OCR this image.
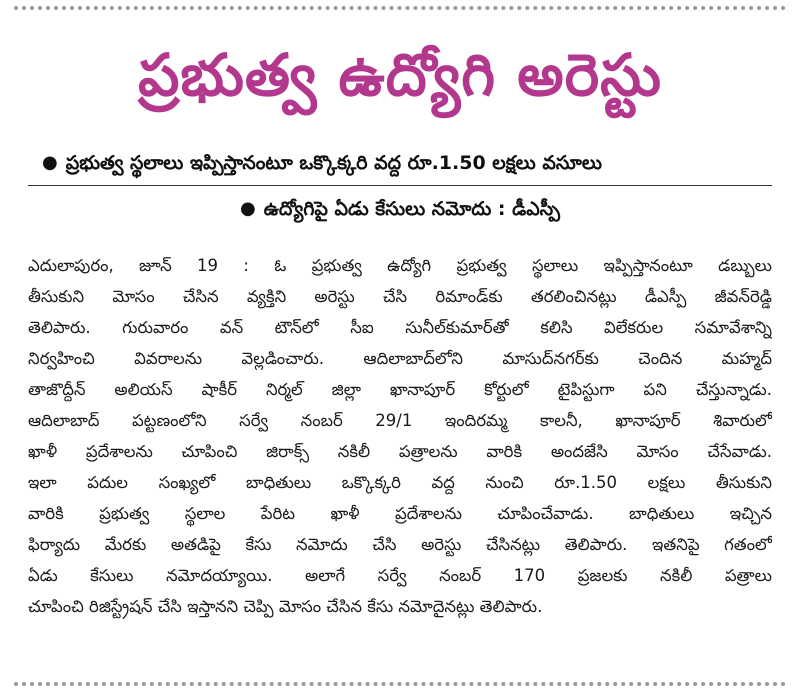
ప్రభుత్వ ఉద్యోగి అరెస్టు
● ప్రభుత్వ స్థలాలు ఇప్పిస్తానంటూ ఒక్కొక్కరి వద్ద రూ.1.50 లక్షలు వసూలు
● ఉద్యోగిపై ఏడు కేసులు నమోదు : డీఎస్పీ
ఎదులాపురం, జూన్ 19 : ఓ ప్రభుత్వ ఉద్యోగి ప్రభుత్వ స్థలాలు ఇప్పిస్తానంటూ డబ్బులు
తీసుకుని మోసం చేసిన వ్యక్తిని అరెస్టు చేసి రిమాండ్‌కు తరలించినట్లు డీఎస్పీ జీవన్‌రెడ్డి
తెలిపారు. గురువారం వన్ టౌన్‌లో సీఐ సునీల్‌కుమార్‌తో కలిసి విలేకరుల సమావేశాన్ని
నిర్వహించి వివరాలను వెల్లడించారు. ఆదిలాబాద్‌లోని మాసుద్‌నగర్‌కు చెందిన మహ్మద్
తాజొద్దీన్ అలియస్ షాకీర్ నిర్మల్ జిల్లా ఖానాపూర్ కోర్టులో టైపిస్టుగా పని చేస్తున్నాడు.
ఆదిలాబాద్ పట్టణంలోని సర్వే నంబర్ 29/1 ఇందిరమ్మ కాలనీ, ఖానాపూర్ శివారులో
ఖాళీ ప్రదేశాలను చూపించి జిరాక్స్ నకిలీ పత్రాలను వారికి అందజేసి మోసం చేసేవాడు.
ఇలా పదుల సంఖ్యలో బాధితులు ఒక్కొక్కరి వద్ద నుంచి రూ.1.50 లక్షలు తీసుకుని
వారికి ప్రభుత్వ స్థలాల పేరిట ఖాళీ ప్రదేశాలను చూపించేవాడు. బాధితులు ఇచ్చిన
ఫిర్యాదు మేరకు అతడిపై కేసు నమోదు చేసి అరెస్టు చేసినట్లు తెలిపారు. ఇతనిపై గతంలో
ఏడు కేసులు నమోదయ్యాయి. అలాగే సర్వే నంబర్ 170 ప్రజలకు నకిలీ పత్రాలు
చూపించి రిజిస్ట్రేషన్ చేసి ఇస్తానని చెప్పి మోసం చేసిన కేసు నమోదైనట్లు తెలిపారు.
